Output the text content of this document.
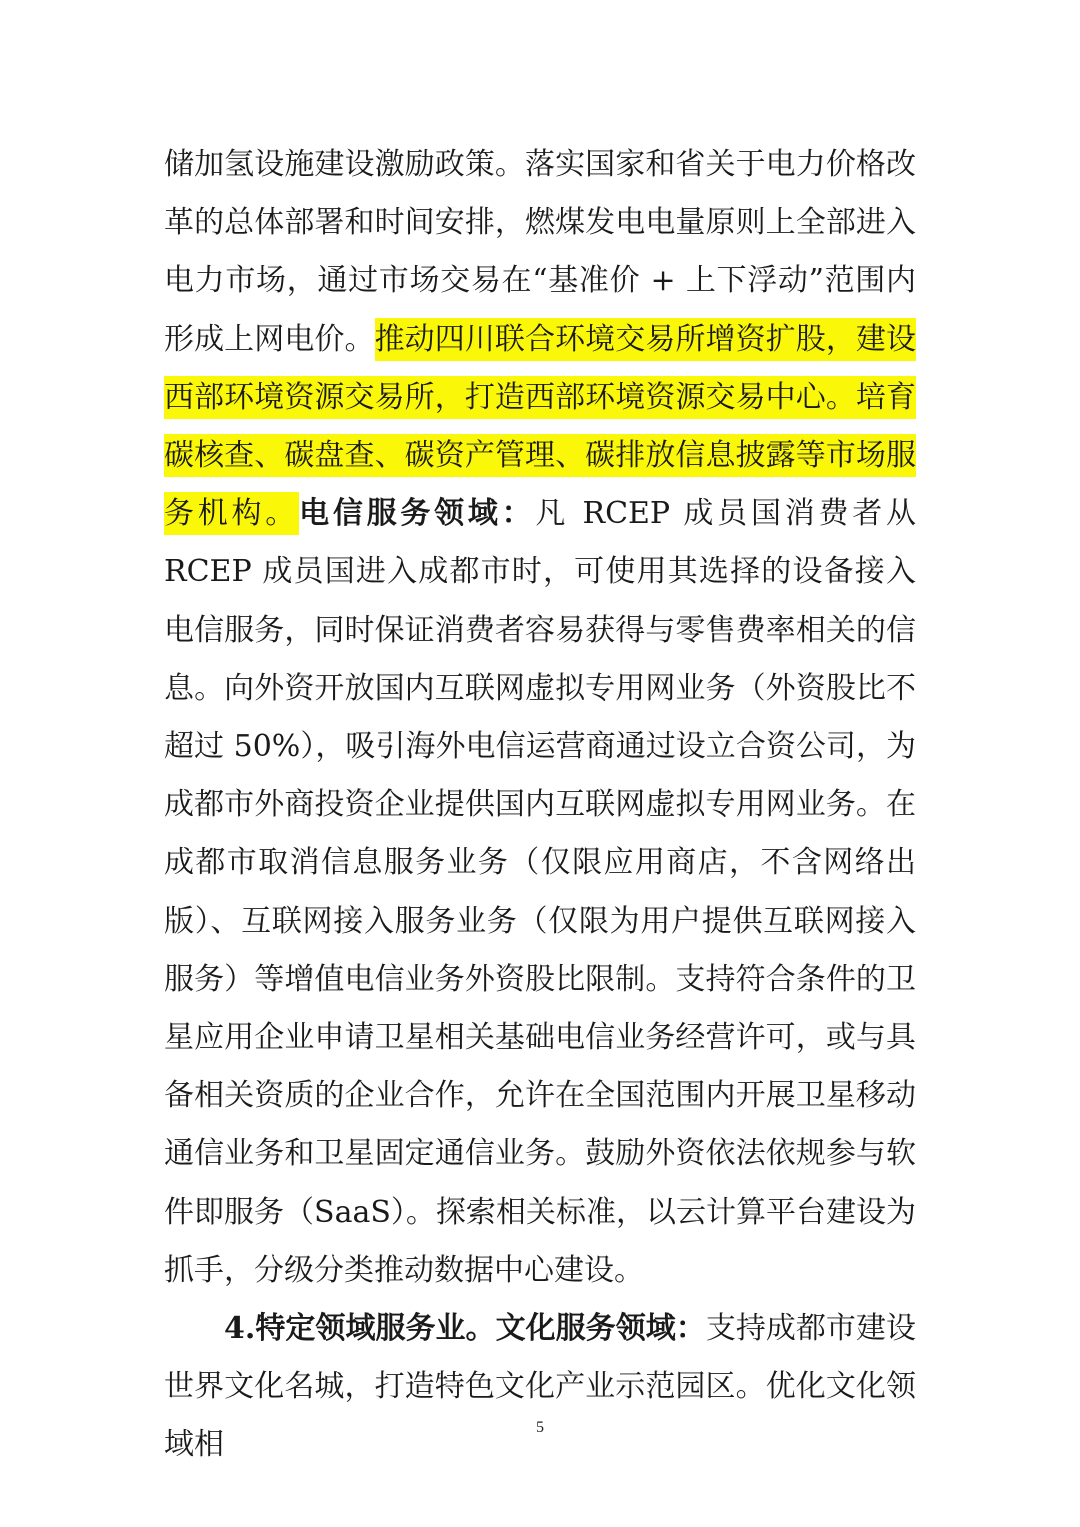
储加氢设施建设激励政策。落实国家和省关于电力价格改革的总体部署和时间安排，燃煤发电电量原则上全部进入电力市场，通过市场交易在“基准价 + 上下浮动”范围内形成上网电价。推动四川联合环境交易所增资扩股，建设西部环境资源交易所，打造西部环境资源交易中心。培育碳核查、碳盘查、碳资产管理、碳排放信息披露等市场服务机构。电信服务领域：凡 RCEP 成员国消费者从 RCEP 成员国进入成都市时，可使用其选择的设备接入电信服务，同时保证消费者容易获得与零售费率相关的信息。向外资开放国内互联网虚拟专用网业务（外资股比不超过 50%），吸引海外电信运营商通过设立合资公司，为成都市外商投资企业提供国内互联网虚拟专用网业务。在成都市取消信息服务业务（仅限应用商店，不含网络出版）、互联网接入服务业务（仅限为用户提供互联网接入服务）等增值电信业务外资股比限制。支持符合条件的卫星应用企业申请卫星相关基础电信业务经营许可，或与具备相关资质的企业合作，允许在全国范围内开展卫星移动通信业务和卫星固定通信业务。鼓励外资依法依规参与软件即服务（SaaS）。探索相关标准，以云计算平台建设为抓手，分级分类推动数据中心建设。

4.特定领域服务业。文化服务领域：支持成都市建设世界文化名城，打造特色文化产业示范园区。优化文化领域相	5
